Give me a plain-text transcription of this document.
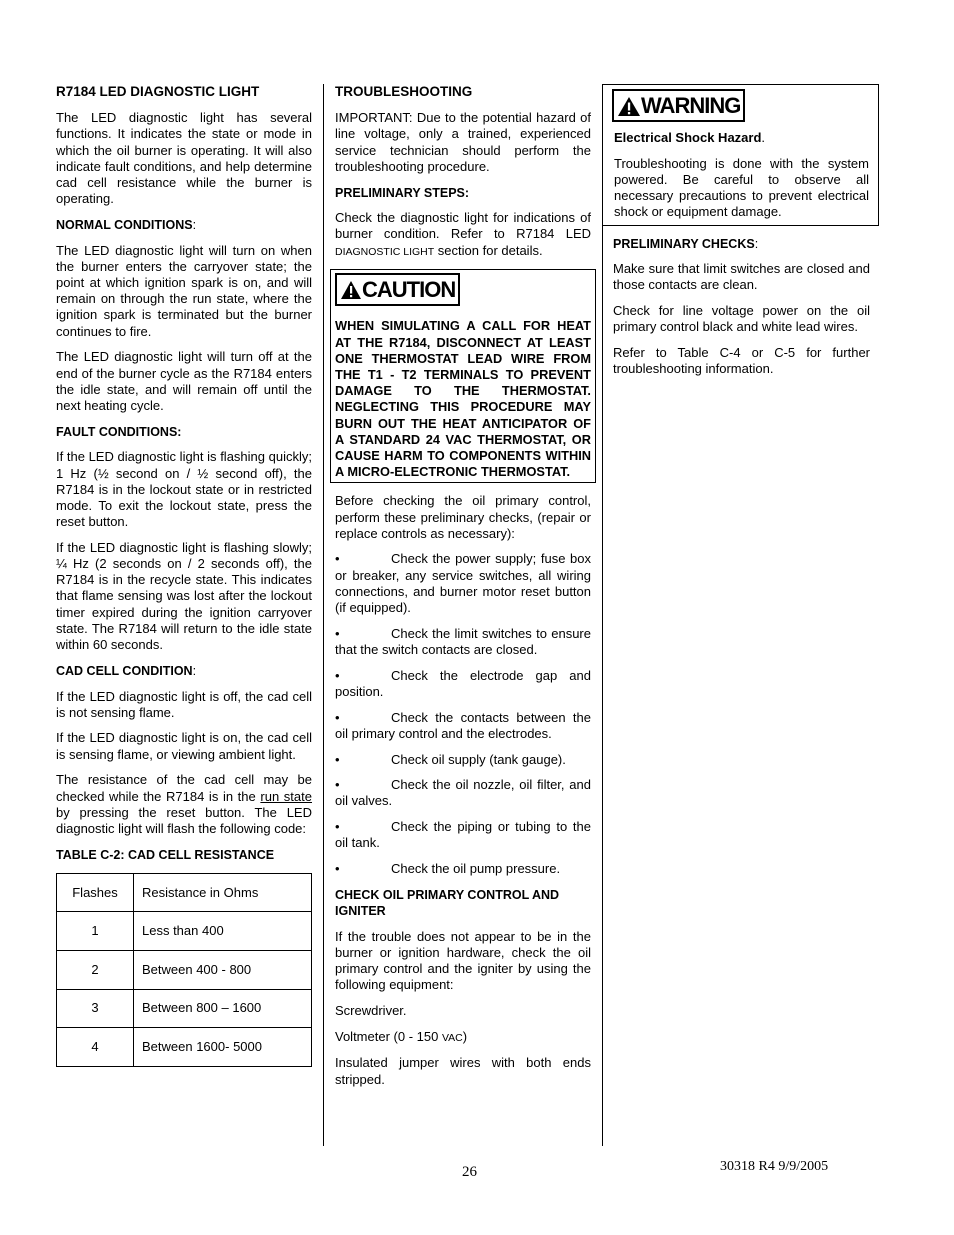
R7184 LED DIAGNOSTIC LIGHT

The LED diagnostic light has several functions. It indicates the state or mode in which the oil burner is operating. It will also indicate fault conditions, and help determine cad cell resistance while the burner is operating.

NORMAL CONDITIONS:

The LED diagnostic light will turn on when the burner enters the carryover state; the point at which ignition spark is on, and will remain on through the run state, where the ignition spark is terminated but the burner continues to fire.

The LED diagnostic light will turn off at the end of the burner cycle as the R7184 enters the idle state, and will remain off until the next heating cycle.

FAULT CONDITIONS:

If the LED diagnostic light is flashing quickly; 1 Hz (½ second on / ½ second off), the R7184 is in the lockout state or in restricted mode. To exit the lockout state, press the reset button.

If the LED diagnostic light is flashing slowly; ¼ Hz (2 seconds on / 2 seconds off), the R7184 is in the recycle state. This indicates that flame sensing was lost after the lockout timer expired during the ignition carryover state. The R7184 will return to the idle state within 60 seconds.

CAD CELL CONDITION:

If the LED diagnostic light is off, the cad cell is not sensing flame.

If the LED diagnostic light is on, the cad cell is sensing flame, or viewing ambient light.

The resistance of the cad cell may be checked while the R7184 is in the run state by pressing the reset button. The LED diagnostic light will flash the following code:

TABLE C-2: CAD CELL RESISTANCE
Flashes	Resistance in Ohms
1	Less than 400
2	Between 400 - 800
3	Between 800 – 1600
4	Between 1600- 5000
TROUBLESHOOTING

IMPORTANT: Due to the potential hazard of line voltage, only a trained, experienced service technician should perform the troubleshooting procedure.

PRELIMINARY STEPS:

Check the diagnostic light for indications of burner condition. Refer to R7184 LED DIAGNOSTIC LIGHT section for details.

CAUTION
WHEN SIMULATING A CALL FOR HEAT AT THE R7184, DISCONNECT AT LEAST ONE THERMOSTAT LEAD WIRE FROM THE T1 - T2 TERMINALS TO PREVENT DAMAGE TO THE THERMOSTAT. NEGLECTING THIS PROCEDURE MAY BURN OUT THE HEAT ANTICIPATOR OF A STANDARD 24 VAC THERMOSTAT, OR CAUSE HARM TO COMPONENTS WITHIN A MICRO-ELECTRONIC THERMOSTAT.

Before checking the oil primary control, perform these preliminary checks, (repair or replace controls as necessary):

•	Check the power supply; fuse box or breaker, any service switches, all wiring connections, and burner motor reset button (if equipped).
•	Check the limit switches to ensure that the switch contacts are closed.
•	Check the electrode gap and position.
•	Check the contacts between the oil primary control and the electrodes.
•	Check oil supply (tank gauge).
•	Check the oil nozzle, oil filter, and oil valves.
•	Check the piping or tubing to the oil tank.
•	Check the oil pump pressure.
CHECK OIL PRIMARY CONTROL AND IGNITER

If the trouble does not appear to be in the burner or ignition hardware, check the oil primary control and the igniter by using the following equipment:

Screwdriver.

Voltmeter (0 - 150 VAC)

Insulated jumper wires with both ends stripped.

WARNING

Electrical Shock Hazard.

Troubleshooting is done with the system powered. Be careful to observe all necessary precautions to prevent electrical shock or equipment damage.

PRELIMINARY CHECKS:

Make sure that limit switches are closed and those contacts are clean.

Check for line voltage power on the oil primary control black and white lead wires.

Refer to Table C-4 or C-5 for further troubleshooting information.

26	30318 R4 9/9/2005
